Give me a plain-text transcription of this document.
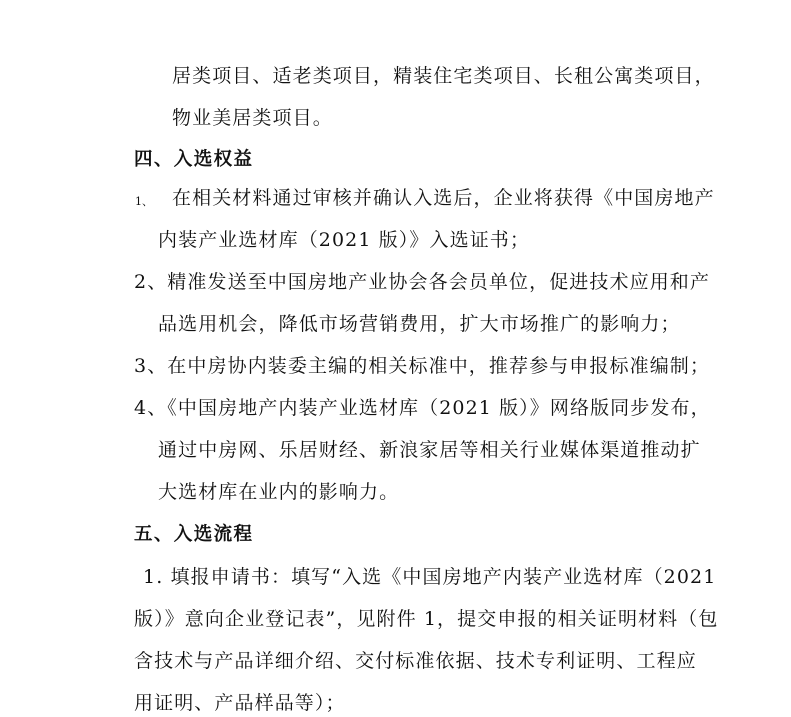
居类项目、适老类项目，精装住宅类项目、长租公寓类项目，
物业美居类项目。
四、入选权益
1、 在相关材料通过审核并确认入选后，企业将获得《中国房地产
内装产业选材库（2021 版）》入选证书；
2、精准发送至中国房地产业协会各会员单位，促进技术应用和产
品选用机会，降低市场营销费用，扩大市场推广的影响力；
3、在中房协内装委主编的相关标准中，推荐参与申报标准编制；
4、《中国房地产内装产业选材库（2021 版）》网络版同步发布，
通过中房网、乐居财经、新浪家居等相关行业媒体渠道推动扩
大选材库在业内的影响力。
五、入选流程
1. 填报申请书：填写“入选《中国房地产内装产业选材库（2021
版）》意向企业登记表”，见附件 1，提交申报的相关证明材料（包
含技术与产品详细介绍、交付标准依据、技术专利证明、工程应
用证明、产品样品等）；
